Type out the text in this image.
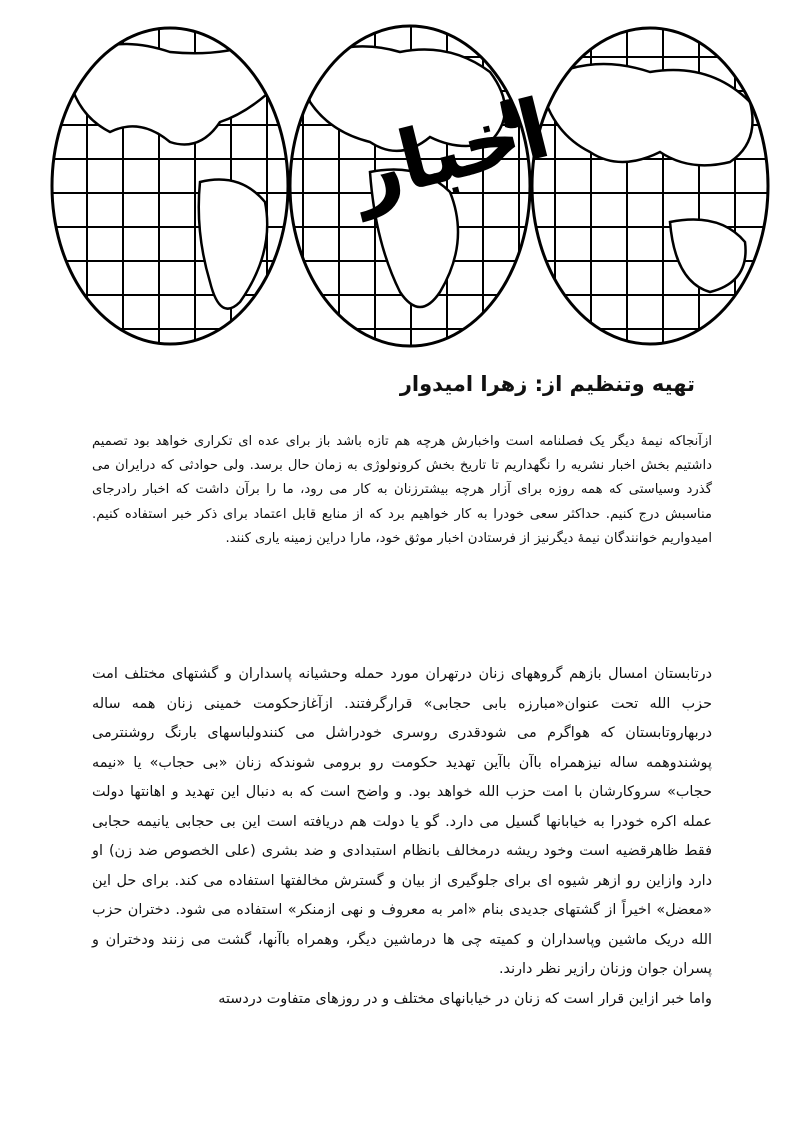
اخبار
تهیه وتنظیم از: زهرا امیدوار
ازآنجاکه نیمهٔ دیگر یک فصلنامه است واخبارش هرچه هم تازه باشد باز برای عده ای تکراری خواهد بود تصمیم داشتیم بخش اخبار نشریه را نگهداریم تا تاریخ بخش کرونولوژی به زمان حال برسد. ولی حوادثی که درایران می گذرد وسیاستی که همه روزه برای آزار هرچه بیشترزنان به کار می رود، ما را برآن داشت که اخبار رادرجای مناسبش درج کنیم. حداکثر سعی خودرا به کار خواهیم برد که از منابع قابل اعتماد برای ذکر خبر استفاده کنیم. امیدواریم خوانندگان نیمهٔ دیگرنیز از فرستادن اخبار موثق خود، مارا دراین زمینه یاری کنند.
درتابستان امسال بازهم گروههای زنان درتهران مورد حمله وحشیانه پاسداران و گشتهای مختلف امت حزب الله تحت عنوان«مبارزه بابی حجابی» قرارگرفتند. ازآغازحکومت خمینی زنان همه ساله دربهاروتابستان که هواگرم می شودقدری روسری خودراشل می کنندولباسهای بارنگ روشنترمی پوشندوهمه ساله نیزهمراه باآن باآین تهدید حکومت رو برومی شوندکه زنان «بی حجاب» یا «نیمه حجاب» سروکارشان با امت حزب الله خواهد بود. و واضح است که به دنبال این تهدید و اهانتها دولت عمله اکره خودرا به خیابانها گسیل می دارد. گو یا دولت هم دریافته است این بی حجابی یانیمه حجابی فقط ظاهرقضیه است وخود ریشه درمخالف بانظام استبدادی و ضد بشری (علی الخصوص ضد زن) او دارد وازاین رو ازهر شیوه ای برای جلوگیری از بیان و گسترش مخالفتها استفاده می کند. برای حل این «معضل» اخیراً از گشتهای جدیدی بنام «امر به معروف و نهی ازمنکر» استفاده می شود. دختران حزب الله دریک ماشین وپاسداران و کمیته چی ها درماشین دیگر، وهمراه باآنها، گشت می زنند ودختران و پسران جوان وزنان رازیر نظر دارند.
واما خبر ازاین قرار است که زنان در خیابانهای مختلف و در روزهای متفاوت دردسته
